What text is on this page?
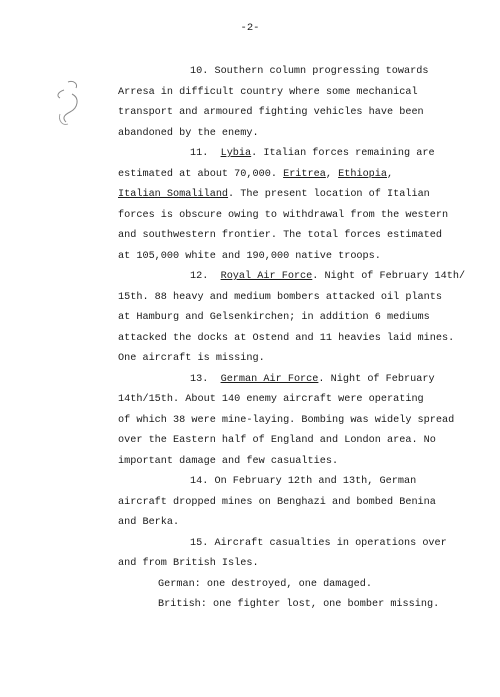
-2-
10. Southern column progressing towards
Arresa in difficult country where some mechanical
transport and armoured fighting vehicles have been
abandoned by the enemy.
11. Lybia. Italian forces remaining are
estimated at about 70,000. Eritrea, Ethiopia,
Italian Somaliland. The present location of Italian
forces is obscure owing to withdrawal from the western
and southwestern frontier. The total forces estimated
at 105,000 white and 190,000 native troops.
12. Royal Air Force. Night of February 14th/
15th. 88 heavy and medium bombers attacked oil plants
at Hamburg and Gelsenkirchen; in addition 6 mediums
attacked the docks at Ostend and 11 heavies laid mines.
One aircraft is missing.
13. German Air Force. Night of February
14th/15th. About 140 enemy aircraft were operating
of which 38 were mine-laying. Bombing was widely spread
over the Eastern half of England and London area. No
important damage and few casualties.
14. On February 12th and 13th, German
aircraft dropped mines on Benghazi and bombed Benina
and Berka.
15. Aircraft casualties in operations over
and from British Isles.
German: one destroyed, one damaged.
British: one fighter lost, one bomber missing.
